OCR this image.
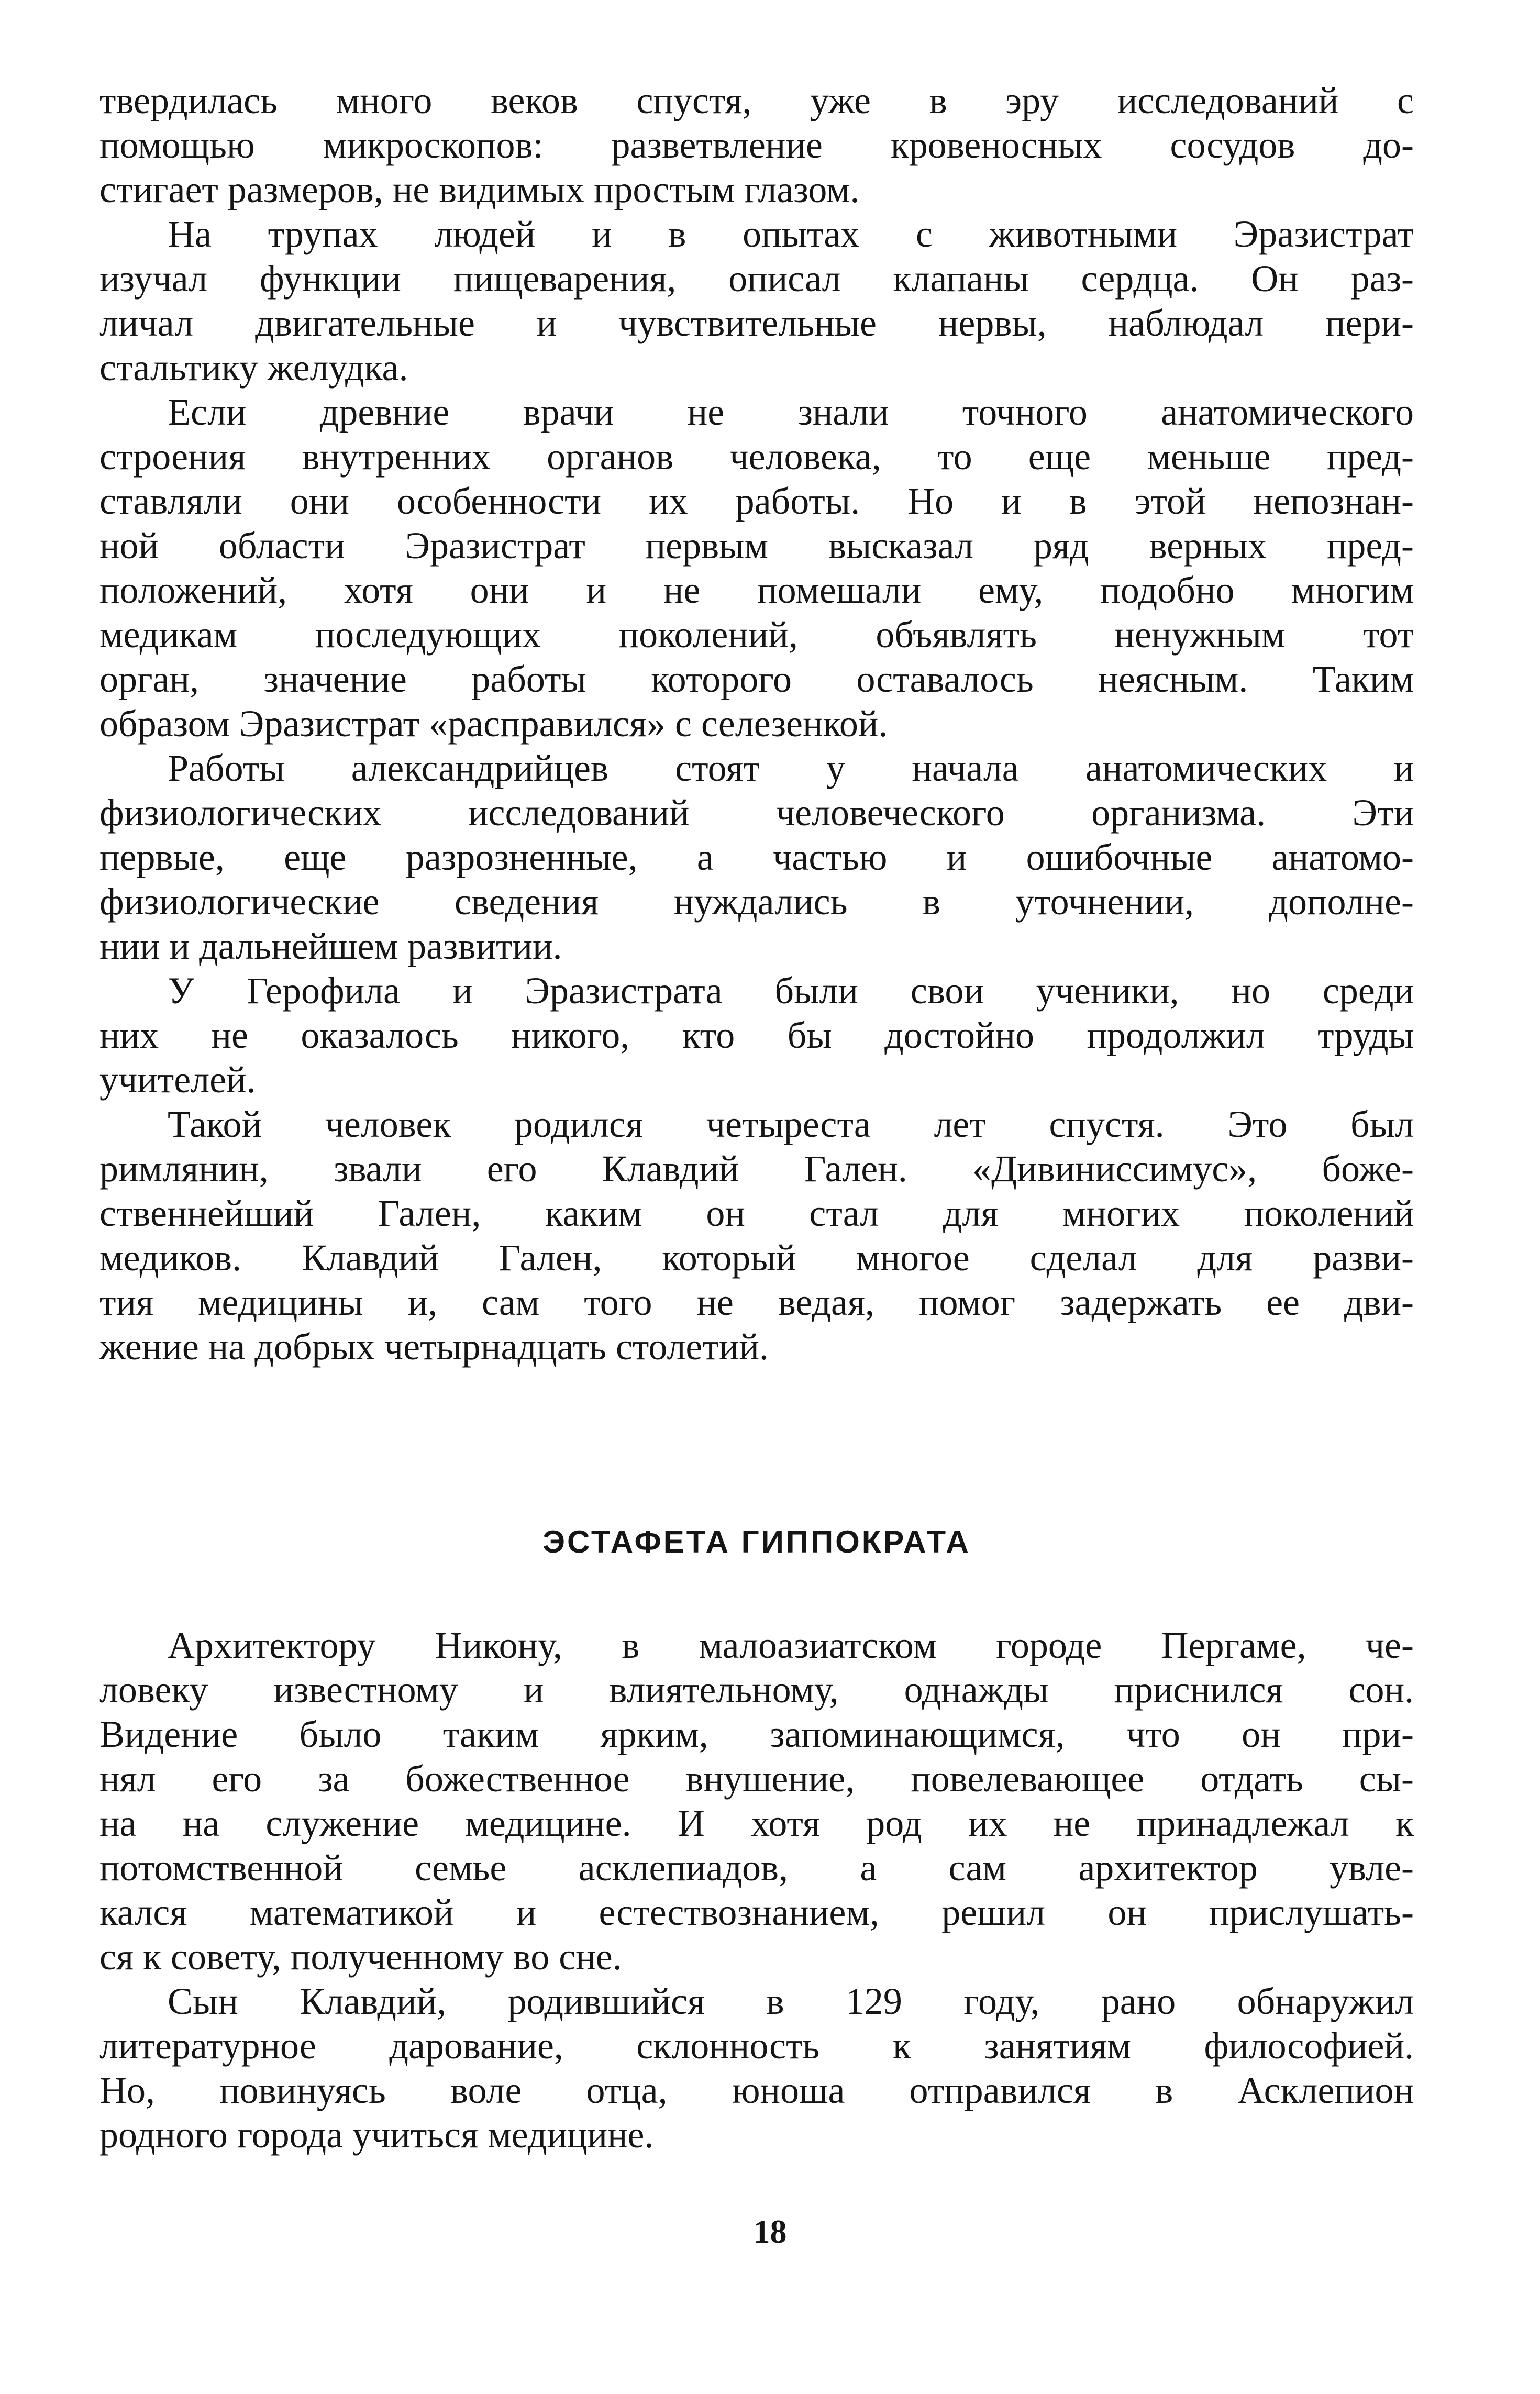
твердилась много веков спустя, уже в эру исследований с
помощью микроскопов: разветвление кровеносных сосудов до-
стигает размеров, не видимых простым глазом.

На трупах людей и в опытах с животными Эразистрат
изучал функции пищеварения, описал клапаны сердца. Он раз-
личал двигательные и чувствительные нервы, наблюдал пери-
стальтику желудка.

Если древние врачи не знали точного анатомического
строения внутренних органов человека, то еще меньше пред-
ставляли они особенности их работы. Но и в этой непознан-
ной области Эразистрат первым высказал ряд верных пред-
положений, хотя они и не помешали ему, подобно многим
медикам последующих поколений, объявлять ненужным тот
орган, значение работы которого оставалось неясным. Таким
образом Эразистрат «расправился» с селезенкой.

Работы александрийцев стоят у начала анатомических и
физиологических исследований человеческого организма. Эти
первые, еще разрозненные, а частью и ошибочные анатомо-
физиологические сведения нуждались в уточнении, дополне-
нии и дальнейшем развитии.

У Герофила и Эразистрата были свои ученики, но среди
них не оказалось никого, кто бы достойно продолжил труды
учителей.

Такой человек родился четыреста лет спустя. Это был
римлянин, звали его Клавдий Гален. «Дивиниссимус», боже-
ственнейший Гален, каким он стал для многих поколений
медиков. Клавдий Гален, который многое сделал для разви-
тия медицины и, сам того не ведая, помог задержать ее дви-
жение на добрых четырнадцать столетий.

ЭСТАФЕТА ГИППОКРАТА

Архитектору Никону, в малоазиатском городе Пергаме, че-
ловеку известному и влиятельному, однажды приснился сон.
Видение было таким ярким, запоминающимся, что он при-
нял его за божественное внушение, повелевающее отдать сы-
на на служение медицине. И хотя род их не принадлежал к
потомственной семье асклепиадов, а сам архитектор увле-
кался математикой и естествознанием, решил он прислушать-
ся к совету, полученному во сне.

Сын Клавдий, родившийся в 129 году, рано обнаружил
литературное дарование, склонность к занятиям философией.
Но, повинуясь воле отца, юноша отправился в Асклепион
родного города учиться медицине.

18
